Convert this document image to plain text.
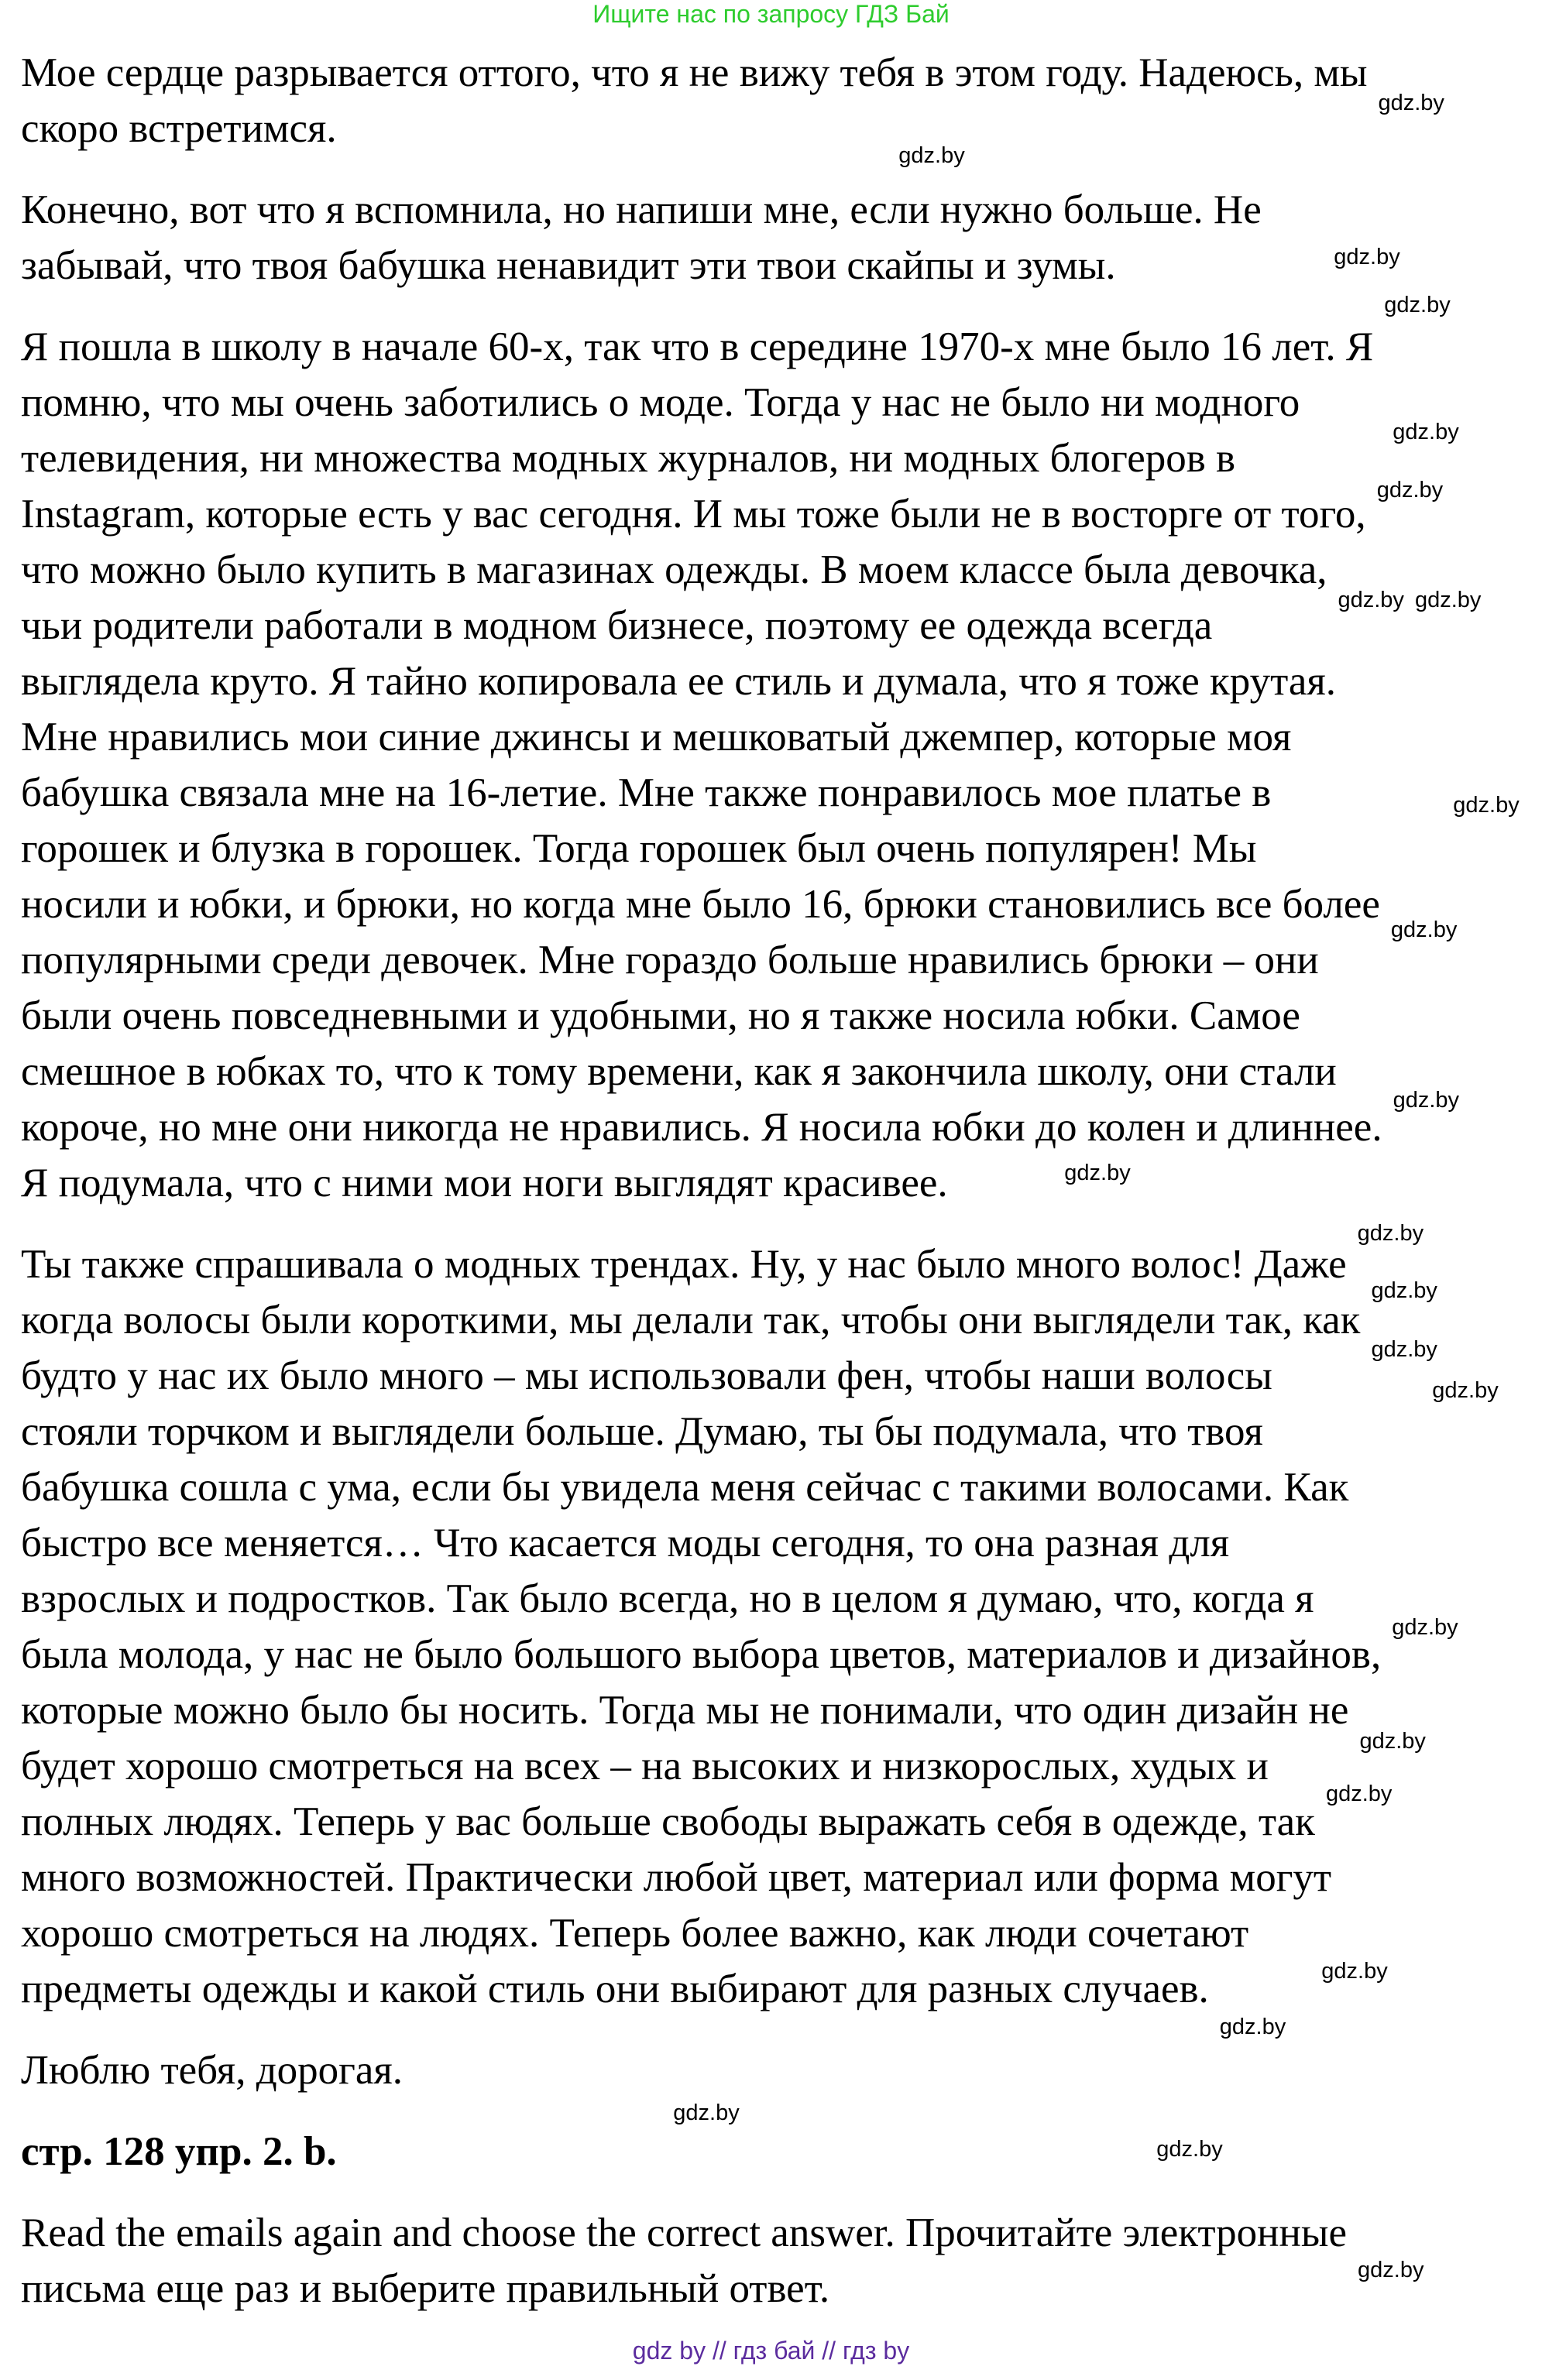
Ищите нас по запросу ГДЗ Бай
Мое сердце разрывается оттого, что я не вижу тебя в этом году. Надеюсь, мы
скоро встретимся.
Конечно, вот что я вспомнила, но напиши мне, если нужно больше. Не
забывай, что твоя бабушка ненавидит эти твои скайпы и зумы.
Я пошла в школу в начале 60-х, так что в середине 1970-х мне было 16 лет. Я
помню, что мы очень заботились о моде. Тогда у нас не было ни модного
телевидения, ни множества модных журналов, ни модных блогеров в
Instagram, которые есть у вас сегодня. И мы тоже были не в восторге от того,
что можно было купить в магазинах одежды. В моем классе была девочка,
чьи родители работали в модном бизнесе, поэтому ее одежда всегда
выглядела круто. Я тайно копировала ее стиль и думала, что я тоже крутая.
Мне нравились мои синие джинсы и мешковатый джемпер, которые моя
бабушка связала мне на 16-летие. Мне также понравилось мое платье в
горошек и блузка в горошек. Тогда горошек был очень популярен! Мы
носили и юбки, и брюки, но когда мне было 16, брюки становились все более
популярными среди девочек. Мне гораздо больше нравились брюки – они
были очень повседневными и удобными, но я также носила юбки. Самое
смешное в юбках то, что к тому времени, как я закончила школу, они стали
короче, но мне они никогда не нравились. Я носила юбки до колен и длиннее.
Я подумала, что с ними мои ноги выглядят красивее.
Ты также спрашивала о модных трендах. Ну, у нас было много волос! Даже
когда волосы были короткими, мы делали так, чтобы они выглядели так, как
будто у нас их было много – мы использовали фен, чтобы наши волосы
стояли торчком и выглядели больше. Думаю, ты бы подумала, что твоя
бабушка сошла с ума, если бы увидела меня сейчас с такими волосами. Как
быстро все меняется… Что касается моды сегодня, то она разная для
взрослых и подростков. Так было всегда, но в целом я думаю, что, когда я
была молода, у нас не было большого выбора цветов, материалов и дизайнов,
которые можно было бы носить. Тогда мы не понимали, что один дизайн не
будет хорошо смотреться на всех – на высоких и низкорослых, худых и
полных людях. Теперь у вас больше свободы выражать себя в одежде, так
много возможностей. Практически любой цвет, материал или форма могут
хорошо смотреться на людях. Теперь более важно, как люди сочетают
предметы одежды и какой стиль они выбирают для разных случаев.
Люблю тебя, дорогая.
стр. 128 упр. 2. b.
Read the emails again and choose the correct answer. Прочитайте электронные
письма еще раз и выберите правильный ответ.
gdz.by
gdz.by
gdz.by
gdz.by
gdz.by
gdz.by
gdz.by gdz.by
gdz.by
gdz.by
gdz.by
gdz.by
gdz.by
gdz.by
gdz.by
gdz.by
gdz.by
gdz.by
gdz.by
gdz.by
gdz.by
gdz.by
gdz.by
gdz.by
gdz by // гдз бай // гдз by
